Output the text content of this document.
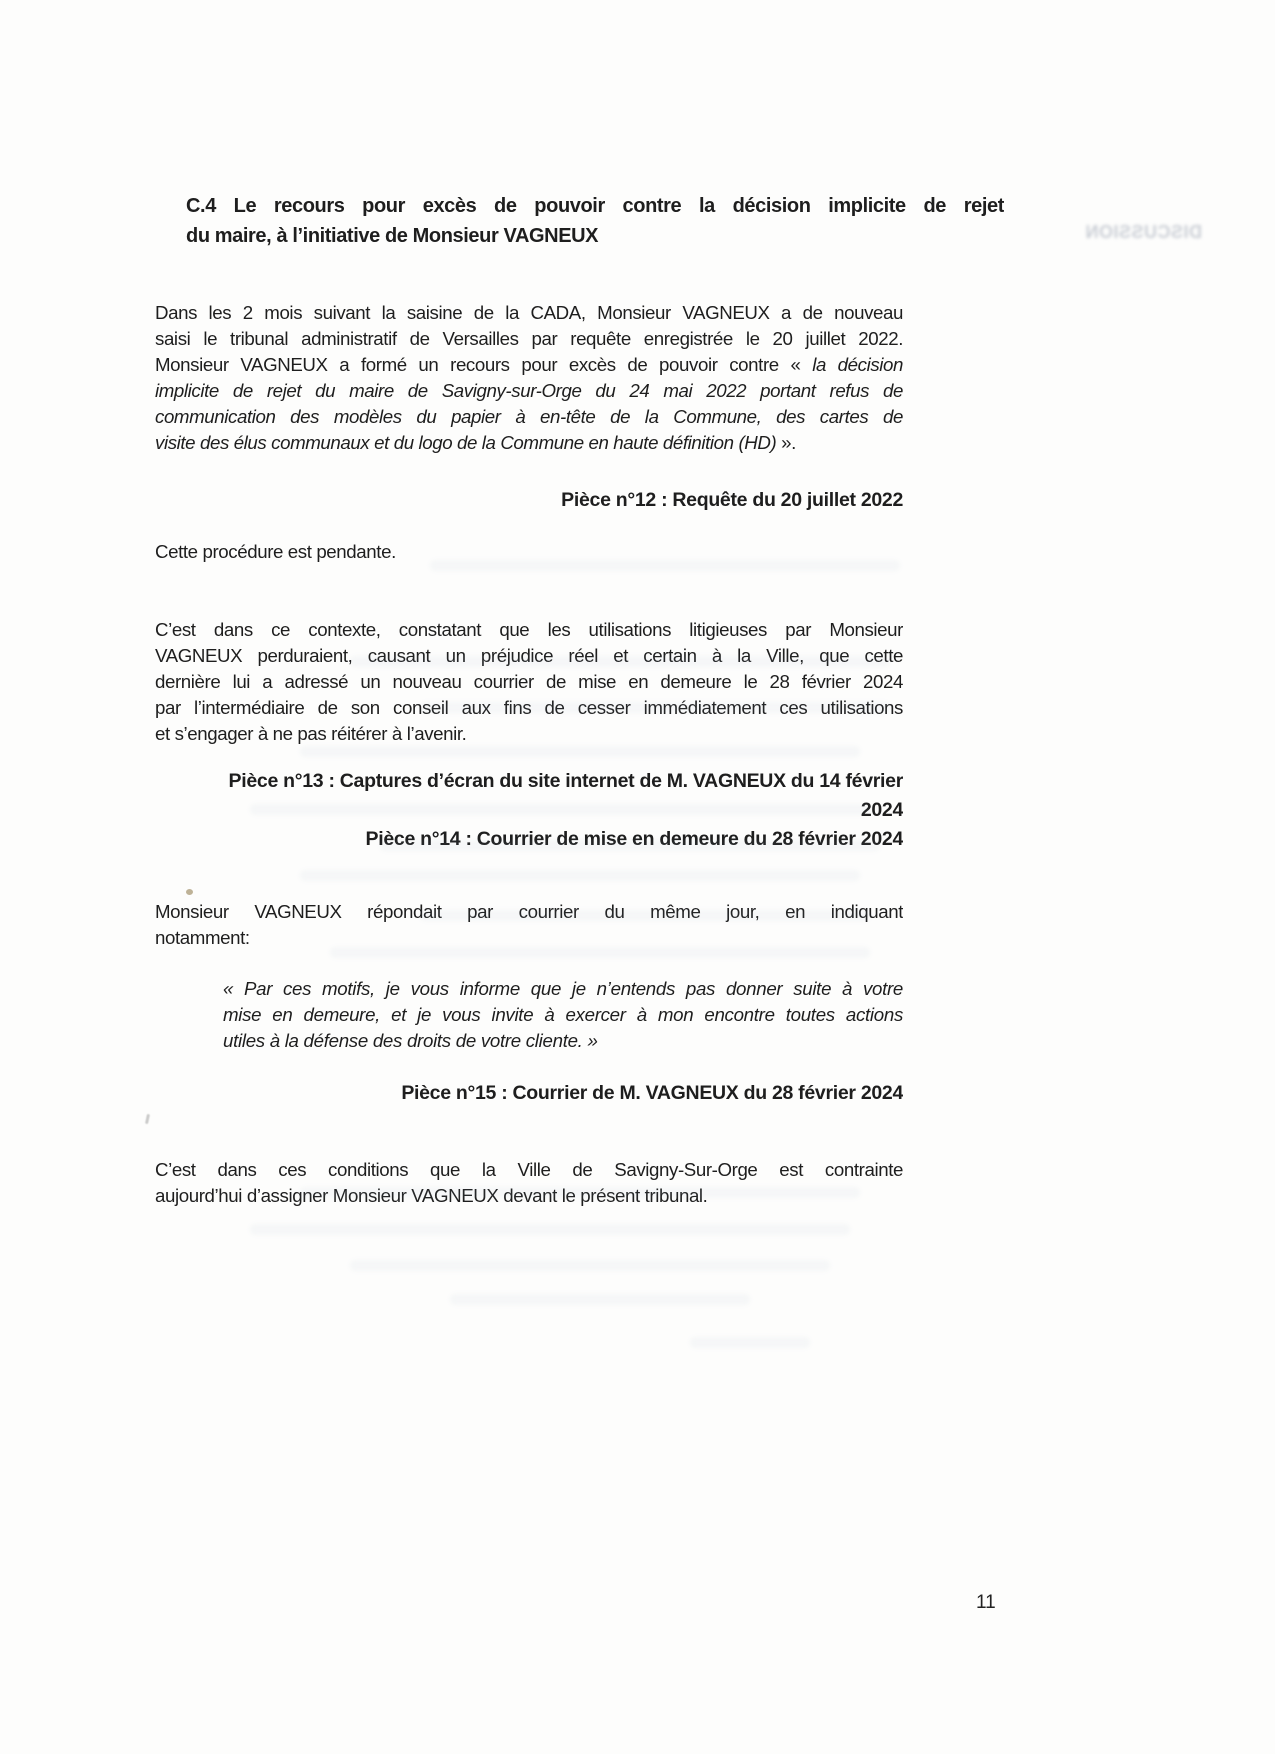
DISCUSSION
C.4 Le recours pour excès de pouvoir contre la décision implicite de rejet
du maire, à l’initiative de Monsieur VAGNEUX
Dans les 2 mois suivant la saisine de la CADA, Monsieur VAGNEUX a de nouveau
saisi le tribunal administratif de Versailles par requête enregistrée le 20 juillet 2022.
Monsieur VAGNEUX a formé un recours pour excès de pouvoir contre « la décision
implicite de rejet du maire de Savigny-sur-Orge du 24 mai 2022 portant refus de
communication des modèles du papier à en-tête de la Commune, des cartes de
visite des élus communaux et du logo de la Commune en haute définition (HD) ».
Pièce n°12 : Requête du 20 juillet 2022
Cette procédure est pendante.
C’est dans ce contexte, constatant que les utilisations litigieuses par Monsieur
VAGNEUX perduraient, causant un préjudice réel et certain à la Ville, que cette
dernière lui a adressé un nouveau courrier de mise en demeure le 28 février 2024
par l’intermédiaire de son conseil aux fins de cesser immédiatement ces utilisations
et s’engager à ne pas réitérer à l’avenir.
Pièce n°13 : Captures d’écran du site internet de M. VAGNEUX du 14 février
2024
Pièce n°14 : Courrier de mise en demeure du 28 février 2024
Monsieur VAGNEUX répondait par courrier du même jour, en indiquant
notamment:
« Par ces motifs, je vous informe que je n’entends pas donner suite à votre
mise en demeure, et je vous invite à exercer à mon encontre toutes actions
utiles à la défense des droits de votre cliente. »
Pièce n°15 : Courrier de M. VAGNEUX du 28 février 2024
C’est dans ces conditions que la Ville de Savigny-Sur-Orge est contrainte
aujourd’hui d’assigner Monsieur VAGNEUX devant le présent tribunal.
11
